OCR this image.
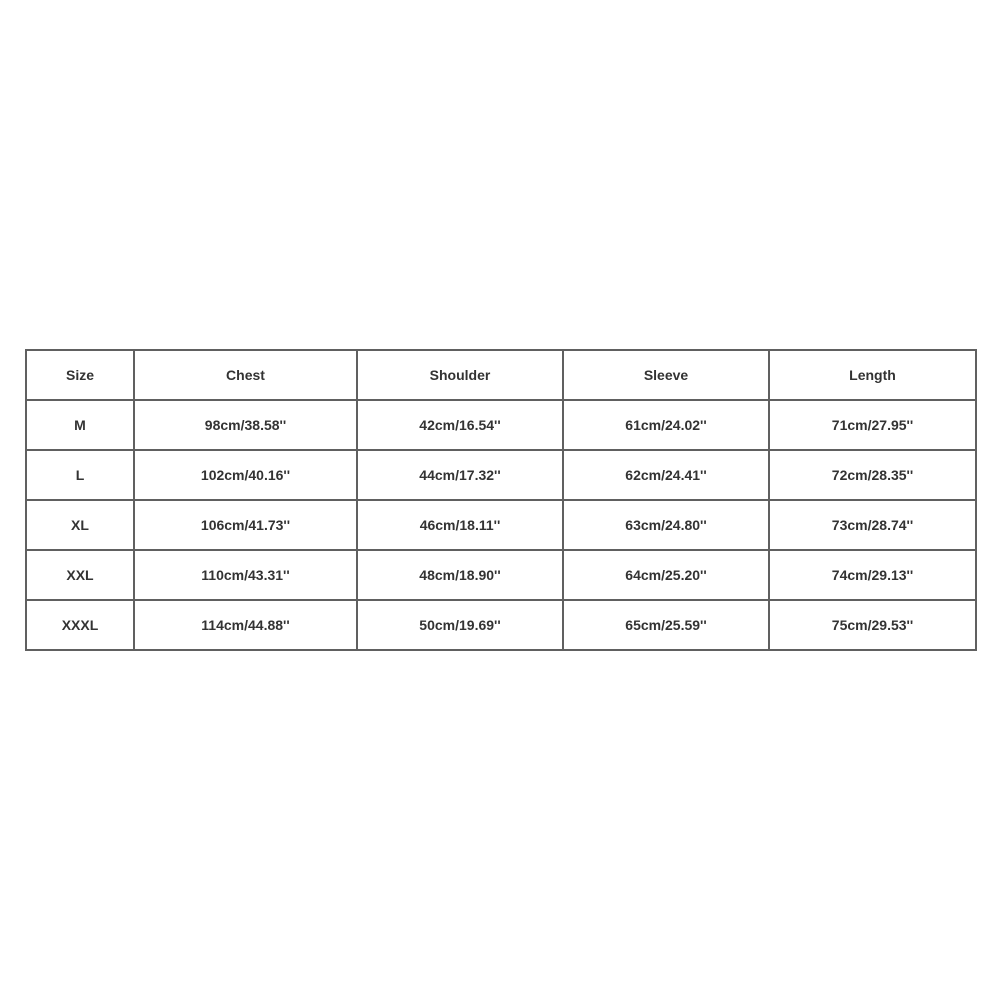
Size	Chest	Shoulder	Sleeve	Length
M	98cm/38.58''	42cm/16.54''	61cm/24.02''	71cm/27.95''
L	102cm/40.16''	44cm/17.32''	62cm/24.41''	72cm/28.35''
XL	106cm/41.73''	46cm/18.11''	63cm/24.80''	73cm/28.74''
XXL	110cm/43.31''	48cm/18.90''	64cm/25.20''	74cm/29.13''
XXXL	114cm/44.88''	50cm/19.69''	65cm/25.59''	75cm/29.53''
